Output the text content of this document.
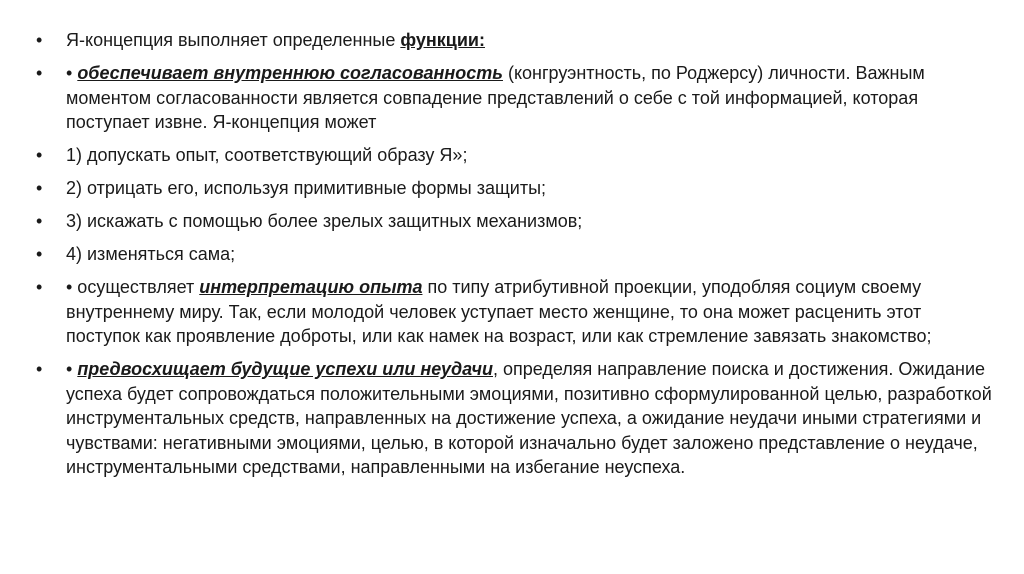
• Я-концепция выполняет определенные функции:
• • обеспечивает внутреннюю согласованность (конгруэнтность, по Роджерсу) личности. Важным моментом согласованности является совпадение представлений о себе с той информацией, которая поступает извне. Я-концепция может
• 1) допускать опыт, соответствующий образу Я»;
• 2) отрицать его, используя примитивные формы защиты;
• 3) искажать с помощью более зрелых защитных механизмов;
• 4) изменяться сама;
• • осуществляет интерпретацию опыта по типу атрибутивной проекции, уподобляя социум своему внутреннему миру. Так, если молодой человек уступает место женщине, то она может расценить этот поступок как проявление доброты, или как намек на возраст, или как стремление завязать знакомство;
• • предвосхищает будущие успехи или неудачи, определяя направление поиска и достижения. Ожидание успеха будет сопровождаться положительными эмоциями, позитивно сформулированной целью, разработкой инструментальных средств, направленных на достижение успеха, а ожидание неудачи иными стратегиями и чувствами: негативными эмоциями, целью, в которой изначально будет заложено представление о неудаче, инструментальными средствами, направленными на избегание неуспеха.
